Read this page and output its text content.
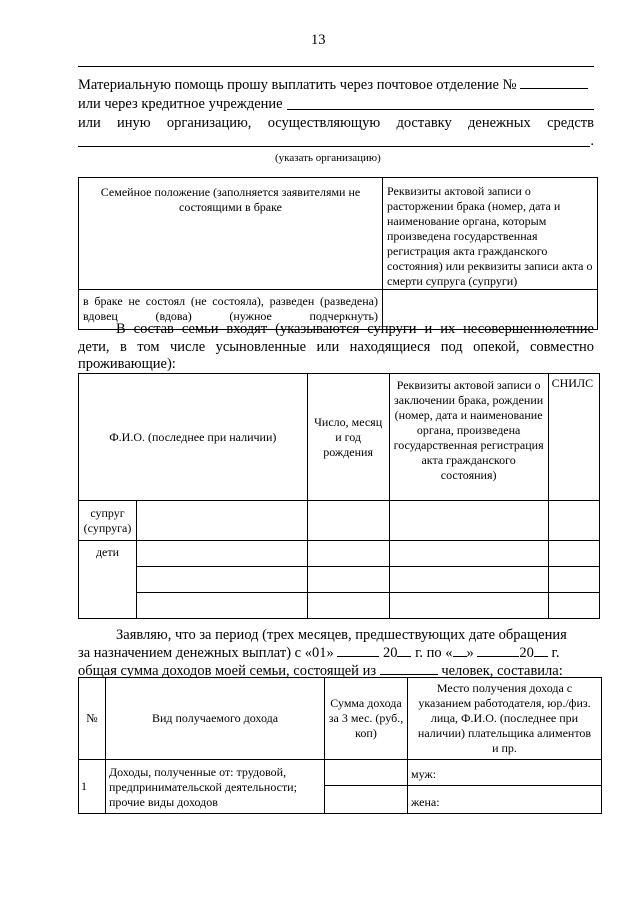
13
Материальную помощь прошу выплатить через почтовое отделение №
или через кредитное учреждение
или иную организацию, осуществляющую доставку денежных средств
.
(указать организацию)
Семейное положение (заполняется заявителями не состоящими в браке	Реквизиты актовой записи о расторжении брака (номер, дата и наименование органа, которым произведена государственная регистрация акта гражданского состояния) или реквизиты записи акта о смерти супруга (супруги)

в браке не состоял (не состояла), разведен (разведена) вдовец (вдова) (нужное подчеркнуть)	

В состав семьи входят (указываются супруги и их несовершеннолетние дети, в том числе усыновленные или находящиеся под опекой, совместно проживающие):
Ф.И.О. (последнее при наличии)		Число, месяц и год рождения	Реквизиты актовой записи о заключении брака, рождении (номер, дата и наименование органа, произведена государственная регистрация акта гражданского состояния)	СНИЛС
супруг (супруга)				
дети				

Заявляю, что за период (трех месяцев, предшествующих дате обращения
за назначением денежных выплат) с «01»	20 г. по « »	20 г.
общая сумма доходов моей семьи, состоящей из	человек, составила:
№	Вид получаемого дохода	Сумма дохода за 3 мес. (руб., коп)	Место получения дохода с указанием работодателя, юр./физ. лица, Ф.И.О. (последнее при наличии) плательщика алиментов и пр.
1	Доходы, полученные от: трудовой, предпринимательской деятельности; прочие виды доходов		муж:
			жена:
